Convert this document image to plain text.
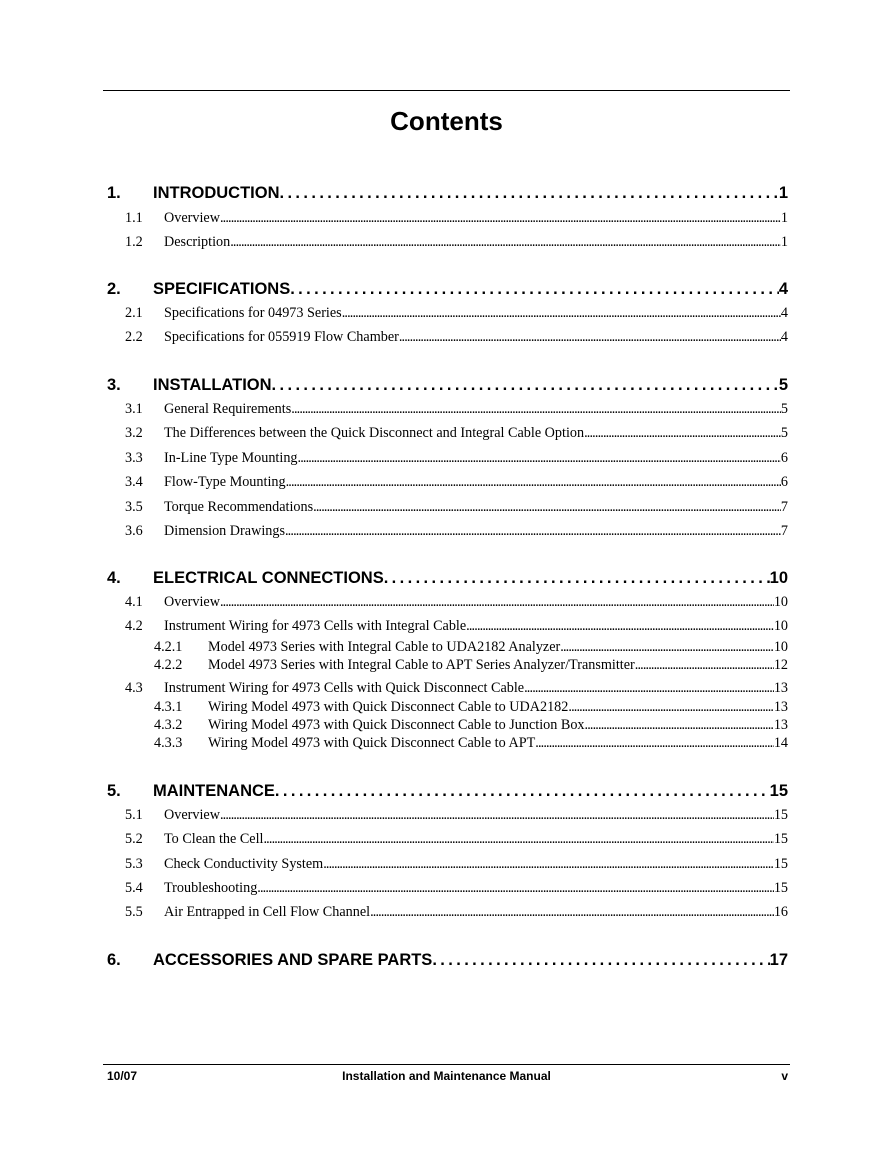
Contents
1.	INTRODUCTION . . .	1
1.1	Overview . . .	1
1.2	Description . . .	1
2.	SPECIFICATIONS . . .	4
2.1	Specifications for 04973 Series . . .	4
2.2	Specifications for 055919 Flow Chamber . . .	4
3.	INSTALLATION . . .	5
3.1	General Requirements . . .	5
3.2	The Differences between the Quick Disconnect and Integral Cable Option . . .	5
3.3	In-Line Type Mounting . . .	6
3.4	Flow-Type Mounting . . .	6
3.5	Torque Recommendations . . .	7
3.6	Dimension Drawings . . .	7
4.	ELECTRICAL CONNECTIONS . . .	10
4.1	Overview . . .	10
4.2	Instrument Wiring for 4973 Cells with Integral Cable . . .	10
4.2.1	Model 4973 Series with Integral Cable to UDA2182 Analyzer . . .	10
4.2.2	Model 4973 Series with Integral Cable to APT Series Analyzer/Transmitter . . .	12
4.3	Instrument Wiring for 4973 Cells with Quick Disconnect Cable . . .	13
4.3.1	Wiring Model 4973 with Quick Disconnect Cable to UDA2182 . . .	13
4.3.2	Wiring Model 4973 with Quick Disconnect Cable to Junction Box . . .	13
4.3.3	Wiring Model 4973 with Quick Disconnect Cable to APT . . .	14
5.	MAINTENANCE . . .	15
5.1	Overview . . .	15
5.2	To Clean the Cell . . .	15
5.3	Check Conductivity System . . .	15
5.4	Troubleshooting . . .	15
5.5	Air Entrapped in Cell Flow Channel . . .	16
6.	ACCESSORIES AND SPARE PARTS . . .	17
10/07	Installation and Maintenance Manual	v
